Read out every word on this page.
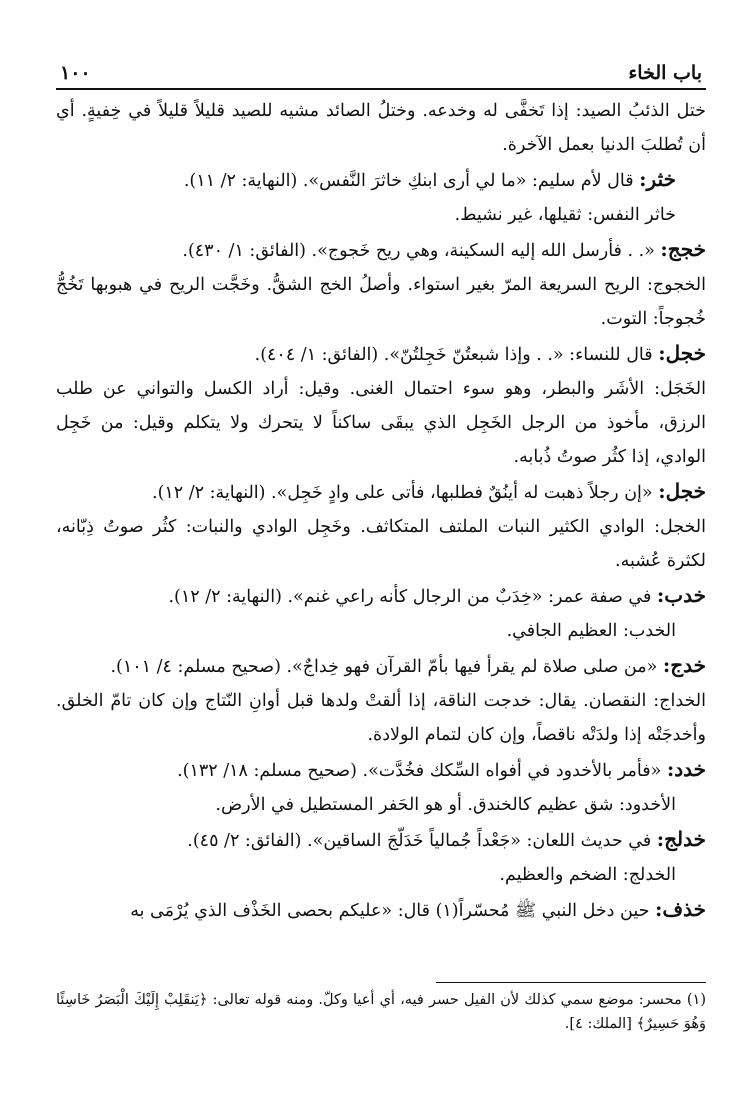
باب الخاء
١٠٠

ختل الذئبُ الصيد: إذا تَخفَّى له وخدعه. وختلُ الصائد مشيه للصيد قليلاً قليلاً في خِفيةٍ. أي أن تُطلبَ الدنيا بعمل الآخرة.

خثر: قال لأم سليم: «ما لي أرى ابنكِ خاثرَ النَّفس». (النهاية: ٢/ ١١).

خاثر النفس: ثقيلها، غير نشيط.

خجج: «. . فأرسل الله إليه السكينة، وهي ريح خَجوج». (الفائق: ١/ ٤٣٠).

الخجوج: الريح السريعة المرّ بغير استواء. وأصلُ الخج الشقُّ. وخَجَّت الريح في هبوبها تَخُجُّ خُجوجاً: التوت.

خجل: قال للنساء: «. . وإذا شبعتُنّ خَجِلتُنّ». (الفائق: ١/ ٤٠٤).

الخَجَل: الأشَر والبطر، وهو سوء احتمال الغنى. وقيل: أراد الكسل والتواني عن طلب الرزق، مأخوذ من الرجل الخَجِل الذي يبقَى ساكناً لا يتحرك ولا يتكلم وقيل: من خَجِل الوادي، إذا كثُر صوتُ ذُبابه.

خجل: «إن رجلاً ذهبت له أينُقٌ فطلبها، فأتى على وادٍ خَجِل». (النهاية: ٢/ ١٢).

الخجل: الوادي الكثير النبات الملتف المتكاثف. وخَجِل الوادي والنبات: كثُر صوتُ ذِبّانه، لكثرة عُشبه.

خدب: في صفة عمر: «خِدَبٌ من الرجال كأنه راعي غنم». (النهاية: ٢/ ١٢).

الخدب: العظيم الجافي.

خدج: «من صلى صلاة لم يقرأ فيها بأمّ القرآن فهو خِداجٌ». (صحيح مسلم: ٤/ ١٠١).

الخداج: النقصان. يقال: خدجت الناقة، إذا ألقتْ ولدها قبل أوانِ النّتاج وإن كان تامّ الخلق. وأخدجَتْه إذا ولدَتْه ناقصاً، وإن كان لتمام الولادة.

خدد: «فأمر بالأخدود في أفواه السِّكك فخُدَّت». (صحيح مسلم: ١٨/ ١٣٢).

الأخدود: شق عظيم كالخندق. أو هو الحَفر المستطيل في الأرض.

خدلج: في حديث اللعان: «جَعْداً جُمالياً خَدَلّجَ الساقين». (الفائق: ٢/ ٤٥).

الخدلج: الضخم والعظيم.

خذف: حين دخل النبي ﷺ مُحسّراً(١) قال: «عليكم بحصى الخَذْف الذي يُرْمَى به

(١) محسر: موضع سمي كذلك لأن الفيل حسر فيه، أي أعيا وكلّ. ومنه قوله تعالى: ﴿يَنقَلِبْ إِلَيْكَ الْبَصَرُ خَاسِئًا وَهُوَ حَسِيرٌ﴾ [الملك: ٤].
